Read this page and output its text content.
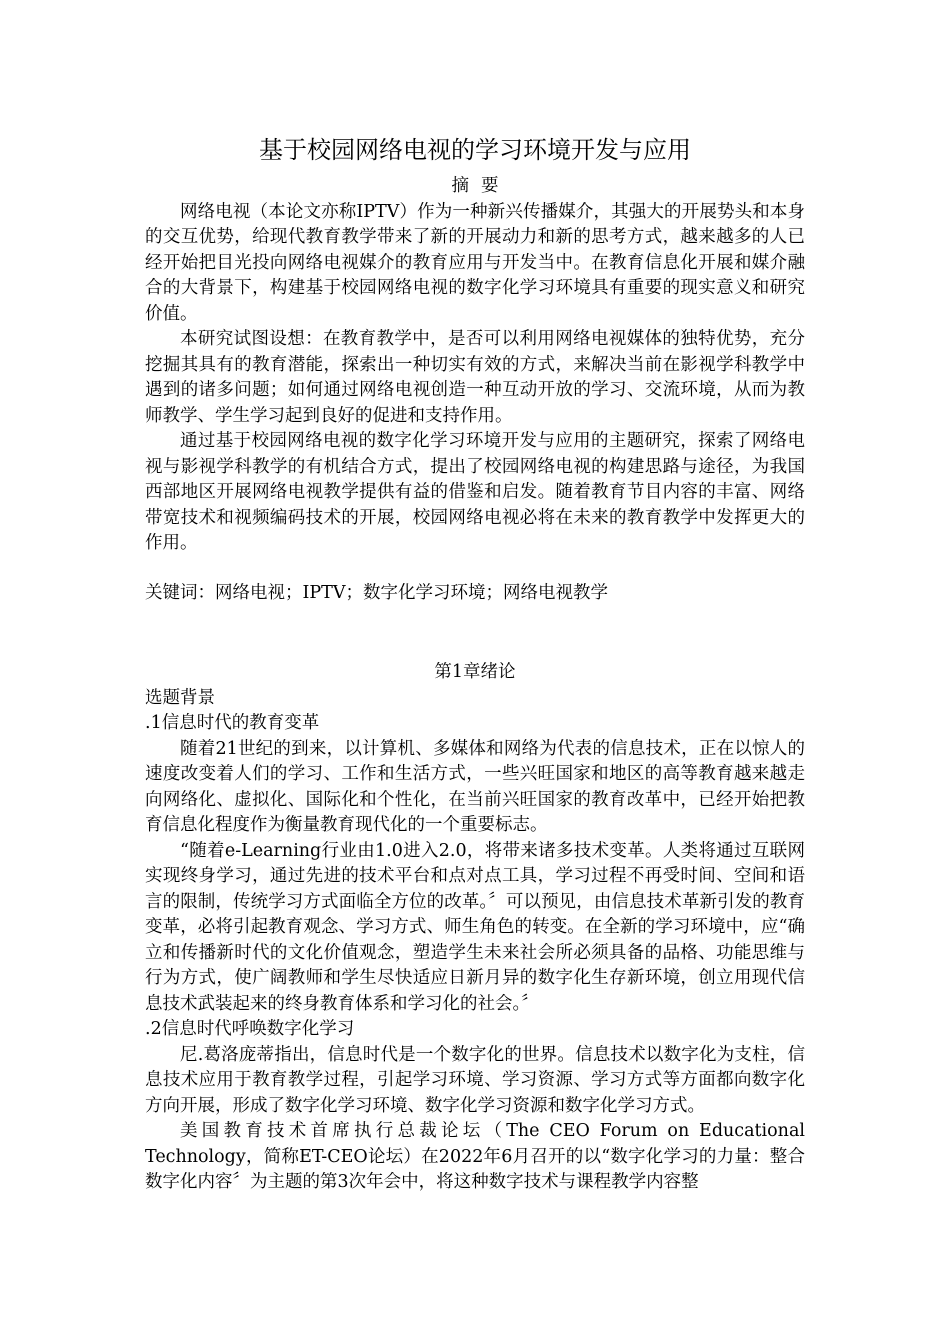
基于校园网络电视的学习环境开发与应用
摘要

网络电视（本论文亦称IPTV）作为一种新兴传播媒介，其强大的开展势头和本身的交互优势，给现代教育教学带来了新的开展动力和新的思考方式，越来越多的人已经开始把目光投向网络电视媒介的教育应用与开发当中。在教育信息化开展和媒介融合的大背景下，构建基于校园网络电视的数字化学习环境具有重要的现实意义和研究价值。

本研究试图设想：在教育教学中，是否可以利用网络电视媒体的独特优势，充分挖掘其具有的教育潜能，探索出一种切实有效的方式，来解决当前在影视学科教学中遇到的诸多问题；如何通过网络电视创造一种互动开放的学习、交流环境，从而为教师教学、学生学习起到良好的促进和支持作用。

通过基于校园网络电视的数字化学习环境开发与应用的主题研究，探索了网络电视与影视学科教学的有机结合方式，提出了校园网络电视的构建思路与途径，为我国西部地区开展网络电视教学提供有益的借鉴和启发。随着教育节目内容的丰富、网络带宽技术和视频编码技术的开展，校园网络电视必将在未来的教育教学中发挥更大的作用。

关键词：网络电视；IPTV；数字化学习环境；网络电视教学

第1章绪论
选题背景
.1信息时代的教育变革

随着21世纪的到来，以计算机、多媒体和网络为代表的信息技术，正在以惊人的速度改变着人们的学习、工作和生活方式，一些兴旺国家和地区的高等教育越来越走向网络化、虚拟化、国际化和个性化，在当前兴旺国家的教育改革中，已经开始把教育信息化程度作为衡量教育现代化的一个重要标志。

“随着e-Learning行业由1.0进入2.0，将带来诸多技术变革。人类将通过互联网实现终身学习，通过先进的技术平台和点对点工具，学习过程不再受时间、空间和语言的限制，传统学习方式面临全方位的改革。〞可以预见，由信息技术革新引发的教育变革，必将引起教育观念、学习方式、师生角色的转变。在全新的学习环境中，应“确立和传播新时代的文化价值观念，塑造学生未来社会所必须具备的品格、功能思维与行为方式，使广阔教师和学生尽快适应日新月异的数字化生存新环境，创立用现代信息技术武装起来的终身教育体系和学习化的社会。〞

.2信息时代呼唤数字化学习

尼.葛洛庞蒂指出，信息时代是一个数字化的世界。信息技术以数字化为支柱，信息技术应用于教育教学过程，引起学习环境、学习资源、学习方式等方面都向数字化方向开展，形成了数字化学习环境、数字化学习资源和数字化学习方式。

美国教育技术首席执行总裁论坛（The CEO Forum on Educational Technology，简称ET-CEO论坛）在2022年6月召开的以“数字化学习的力量：整合数字化内容〞为主题的第3次年会中，将这种数字技术与课程教学内容整
